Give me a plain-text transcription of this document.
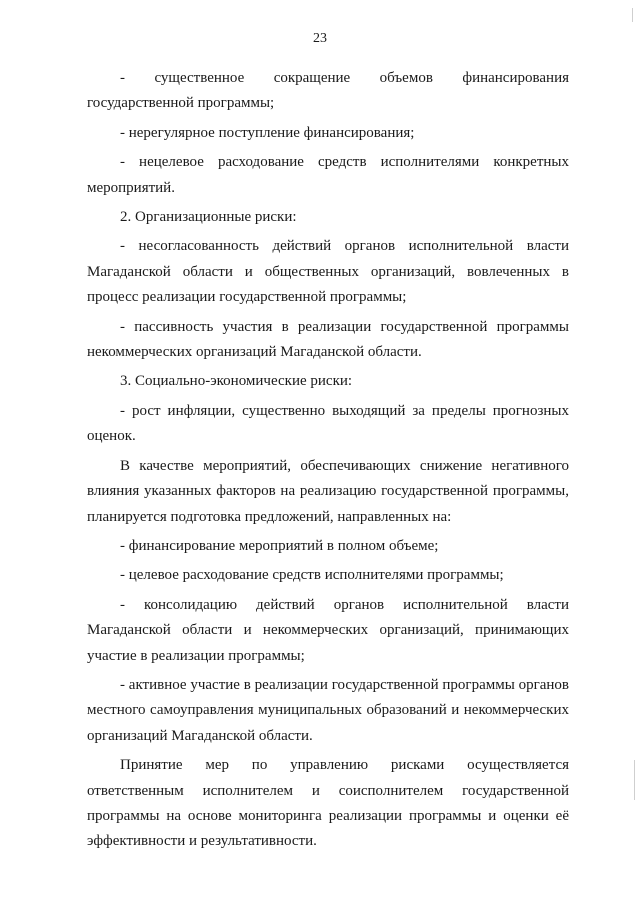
23

- существенное сокращение объемов финансирования государственной программы;

- нерегулярное поступление финансирования;

- нецелевое расходование средств исполнителями конкретных мероприятий.

2. Организационные риски:

- несогласованность действий органов исполнительной власти Магаданской области и общественных организаций, вовлеченных в процесс реализации государственной программы;

- пассивность участия в реализации государственной программы некоммерческих организаций Магаданской области.

3. Социально-экономические риски:

- рост инфляции, существенно выходящий за пределы прогнозных оценок.

В качестве мероприятий, обеспечивающих снижение негативного влияния указанных факторов на реализацию государственной программы, планируется подготовка предложений, направленных на:

- финансирование мероприятий в полном объеме;

- целевое расходование средств исполнителями программы;

- консолидацию действий органов исполнительной власти Магаданской области и некоммерческих организаций, принимающих участие в реализации программы;

- активное участие в реализации государственной программы органов местного самоуправления муниципальных образований и некоммерческих организаций Магаданской области.

Принятие мер по управлению рисками осуществляется ответственным исполнителем и соисполнителем государственной программы на основе мониторинга реализации программы и оценки её эффективности и результативности.
